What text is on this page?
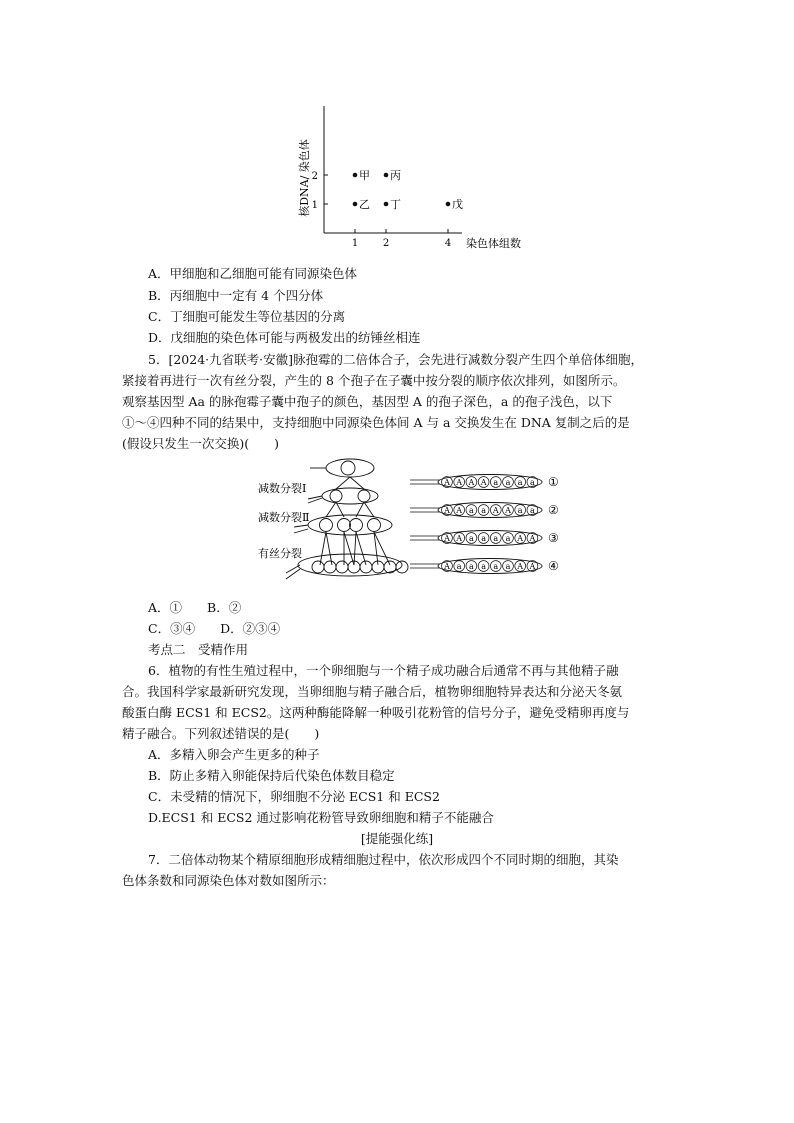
1 2	4
1
2	甲 丙
乙 丁	戊
核DNA/ 染色体
染色体组数
A．甲细胞和乙细胞可能有同源染色体
B．丙细胞中一定有 4 个四分体
C．丁细胞可能发生等位基因的分离
D．戊细胞的染色体可能与两极发出的纺锤丝相连
5．[2024·九省联考·安徽]脉孢霉的二倍体合子，会先进行减数分裂产生四个单倍体细胞，
紧接着再进行一次有丝分裂，产生的 8 个孢子在子囊中按分裂的顺序依次排列，如图所示。
观察基因型 Aa 的脉孢霉子囊中孢子的颜色，基因型 A 的孢子深色，a 的孢子浅色，以下
①～④四种不同的结果中，支持细胞中同源染色体间 A 与 a 交换发生在 DNA 复制之后的是
(假设只发生一次交换)(　　)
减数分裂Ⅰ
减数分裂Ⅱ
有丝分裂
A A A A a a a a ①
A A a a A A a a ②
A A a a a a A A ③
A a a a a a A A ④
A．①　　B．②
C．③④　　D．②③④
考点二　受精作用
6．植物的有性生殖过程中，一个卵细胞与一个精子成功融合后通常不再与其他精子融
合。我国科学家最新研究发现，当卵细胞与精子融合后，植物卵细胞特异表达和分泌天冬氨
酸蛋白酶 ECS1 和 ECS2。这两种酶能降解一种吸引花粉管的信号分子，避免受精卵再度与
精子融合。下列叙述错误的是(　　)
A．多精入卵会产生更多的种子
B．防止多精入卵能保持后代染色体数目稳定
C．未受精的情况下，卵细胞不分泌 ECS1 和 ECS2
D.ECS1 和 ECS2 通过影响花粉管导致卵细胞和精子不能融合
[提能强化练]
7．二倍体动物某个精原细胞形成精细胞过程中，依次形成四个不同时期的细胞，其染
色体条数和同源染色体对数如图所示：
